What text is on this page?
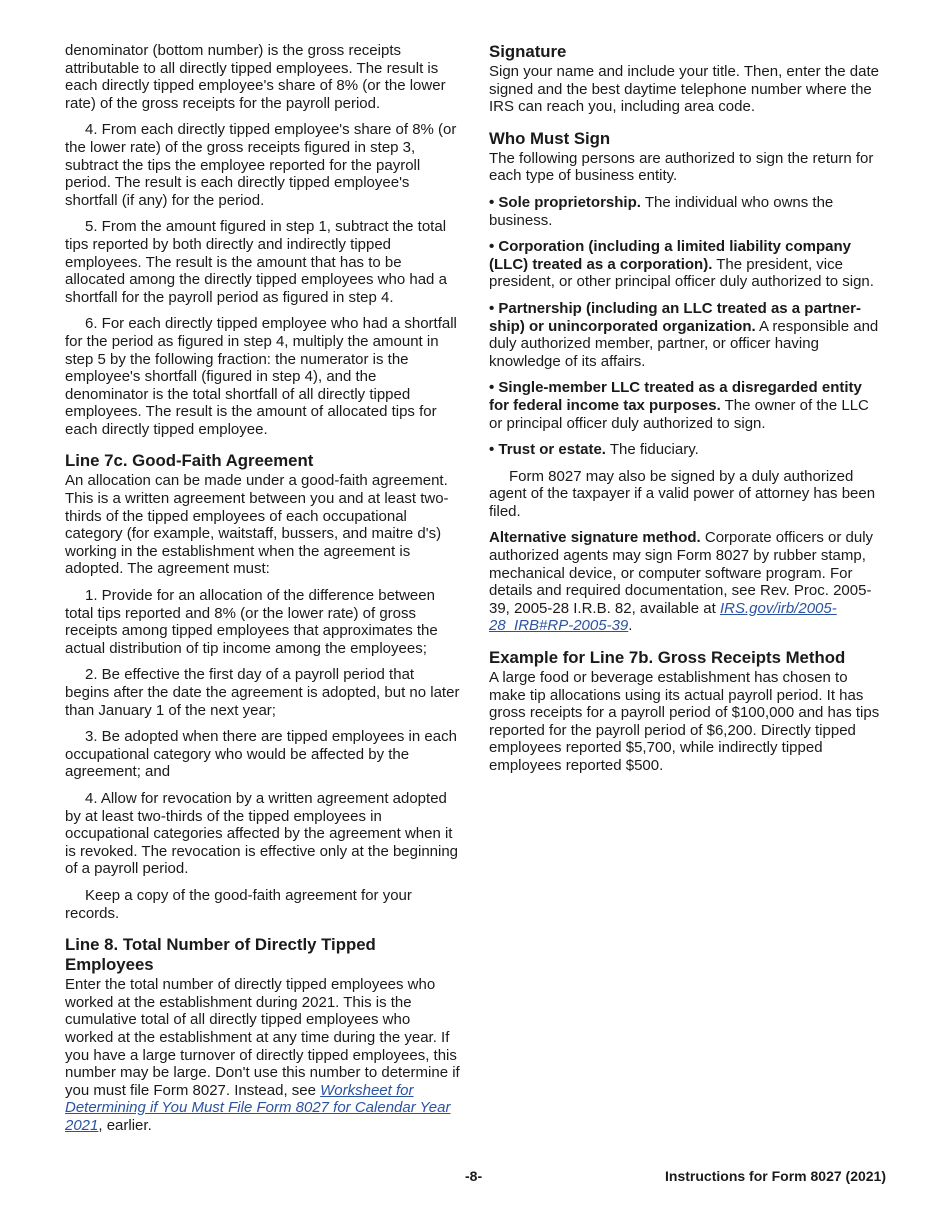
denominator (bottom number) is the gross receipts attributable to all directly tipped employees. The result is each directly tipped employee's share of 8% (or the lower rate) of the gross receipts for the payroll period.

4. From each directly tipped employee's share of 8% (or the lower rate) of the gross receipts figured in step 3, subtract the tips the employee reported for the payroll period. The result is each directly tipped employee's shortfall (if any) for the period.

5. From the amount figured in step 1, subtract the total tips reported by both directly and indirectly tipped employees. The result is the amount that has to be allocated among the directly tipped employees who had a shortfall for the payroll period as figured in step 4.

6. For each directly tipped employee who had a shortfall for the period as figured in step 4, multiply the amount in step 5 by the following fraction: the numerator is the employee's shortfall (figured in step 4), and the denominator is the total shortfall of all directly tipped employees. The result is the amount of allocated tips for each directly tipped employee.

Line 7c. Good-Faith Agreement

An allocation can be made under a good-faith agreement. This is a written agreement between you and at least two-thirds of the tipped employees of each occupational category (for example, waitstaff, bussers, and maitre d's) working in the establishment when the agreement is adopted. The agreement must:

1. Provide for an allocation of the difference between total tips reported and 8% (or the lower rate) of gross receipts among tipped employees that approximates the actual distribution of tip income among the employees;

2. Be effective the first day of a payroll period that begins after the date the agreement is adopted, but no later than January 1 of the next year;

3. Be adopted when there are tipped employees in each occupational category who would be affected by the agreement; and

4. Allow for revocation by a written agreement adopted by at least two-thirds of the tipped employees in occupational categories affected by the agreement when it is revoked. The revocation is effective only at the beginning of a payroll period.

Keep a copy of the good-faith agreement for your records.

Line 8. Total Number of Directly Tipped Employees

Enter the total number of directly tipped employees who worked at the establishment during 2021. This is the cumulative total of all directly tipped employees who worked at the establishment at any time during the year. If you have a large turnover of directly tipped employees, this number may be large. Don't use this number to determine if you must file Form 8027. Instead, see Worksheet for Determining if You Must File Form 8027 for Calendar Year 2021, earlier.

Signature

Sign your name and include your title. Then, enter the date signed and the best daytime telephone number where the IRS can reach you, including area code.

Who Must Sign

The following persons are authorized to sign the return for each type of business entity.

• Sole proprietorship. The individual who owns the business.

• Corporation (including a limited liability company (LLC) treated as a corporation). The president, vice president, or other principal officer duly authorized to sign.

• Partnership (including an LLC treated as a partner-ship) or unincorporated organization. A responsible and duly authorized member, partner, or officer having knowledge of its affairs.

• Single-member LLC treated as a disregarded entity for federal income tax purposes. The owner of the LLC or principal officer duly authorized to sign.

• Trust or estate. The fiduciary.

Form 8027 may also be signed by a duly authorized agent of the taxpayer if a valid power of attorney has been filed.

Alternative signature method. Corporate officers or duly authorized agents may sign Form 8027 by rubber stamp, mechanical device, or computer software program. For details and required documentation, see Rev. Proc. 2005-39, 2005-28 I.R.B. 82, available at IRS.gov/irb/2005-28_IRB#RP-2005-39.

Example for Line 7b. Gross Receipts Method

A large food or beverage establishment has chosen to make tip allocations using its actual payroll period. It has gross receipts for a payroll period of $100,000 and has tips reported for the payroll period of $6,200. Directly tipped employees reported $5,700, while indirectly tipped employees reported $500.

-8-	Instructions for Form 8027 (2021)
